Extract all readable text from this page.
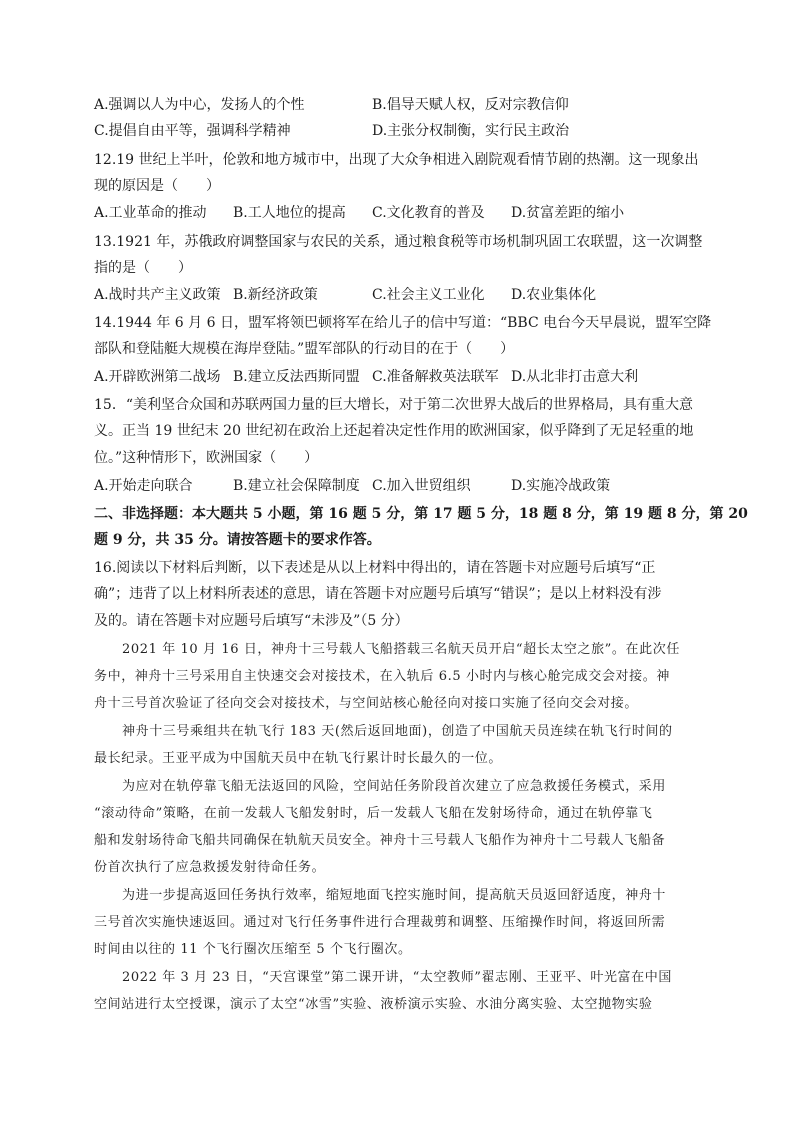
A.强调以人为中心，发扬人的个性	B.倡导天赋人权，反对宗教信仰
C.提倡自由平等，强调科学精神	D.主张分权制衡，实行民主政治
12.19 世纪上半叶，伦敦和地方城市中，出现了大众争相进入剧院观看情节剧的热潮。这一现象出
现的原因是（　　）
A.工业革命的推动 B.工人地位的提高 C.文化教育的普及 D.贫富差距的缩小
13.1921 年，苏俄政府调整国家与农民的关系，通过粮食税等市场机制巩固工农联盟，这一次调整
指的是（　　）
A.战时共产主义政策 B.新经济政策	C.社会主义工业化 D.农业集体化
14.1944 年 6 月 6 日，盟军将领巴顿将军在给儿子的信中写道：“BBC 电台今天早晨说，盟军空降
部队和登陆艇大规模在海岸登陆。”盟军部队的行动目的在于（　　）
A.开辟欧洲第二战场 B.建立反法西斯同盟 C.准备解救英法联军 D.从北非打击意大利
15．“美利坚合众国和苏联两国力量的巨大增长，对于第二次世界大战后的世界格局，具有重大意
义。正当 19 世纪末 20 世纪初在政治上还起着决定性作用的欧洲国家，似乎降到了无足轻重的地
位。”这种情形下，欧洲国家（　　）
A.开始走向联合	B.建立社会保障制度 C.加入世贸组织	D.实施冷战政策
二、非选择题：本大题共 5 小题，第 16 题 5 分，第 17 题 5 分，18 题 8 分，第 19 题 8 分，第 20
题 9 分，共 35 分。请按答题卡的要求作答。
16.阅读以下材料后判断，以下表述是从以上材料中得出的，请在答题卡对应题号后填写“正
确”；违背了以上材料所表述的意思，请在答题卡对应题号后填写“错误”；是以上材料没有涉
及的。请在答题卡对应题号后填写“未涉及”（5 分）
2021 年 10 月 16 日，神舟十三号载人飞船搭载三名航天员开启“超长太空之旅”。在此次任
务中，神舟十三号采用自主快速交会对接技术，在入轨后 6.5 小时内与核心舱完成交会对接。神
舟十三号首次验证了径向交会对接技术，与空间站核心舱径向对接口实施了径向交会对接。
神舟十三号乘组共在轨飞行 183 天(然后返回地面)，创造了中国航天员连续在轨飞行时间的
最长纪录。王亚平成为中国航天员中在轨飞行累计时长最久的一位。
为应对在轨停靠飞船无法返回的风险，空间站任务阶段首次建立了应急救援任务模式，采用
“滚动待命”策略，在前一发载人飞船发射时，后一发载人飞船在发射场待命，通过在轨停靠飞
船和发射场待命飞船共同确保在轨航天员安全。神舟十三号载人飞船作为神舟十二号载人飞船备
份首次执行了应急救援发射待命任务。
为进一步提高返回任务执行效率，缩短地面飞控实施时间，提高航天员返回舒适度，神舟十
三号首次实施快速返回。通过对飞行任务事件进行合理裁剪和调整、压缩操作时间，将返回所需
时间由以往的 11 个飞行圈次压缩至 5 个飞行圈次。
2022 年 3 月 23 日，“天宫课堂”第二课开讲，“太空教师”翟志刚、王亚平、叶光富在中国
空间站进行太空授课，演示了太空“冰雪”实验、液桥演示实验、水油分离实验、太空抛物实验
